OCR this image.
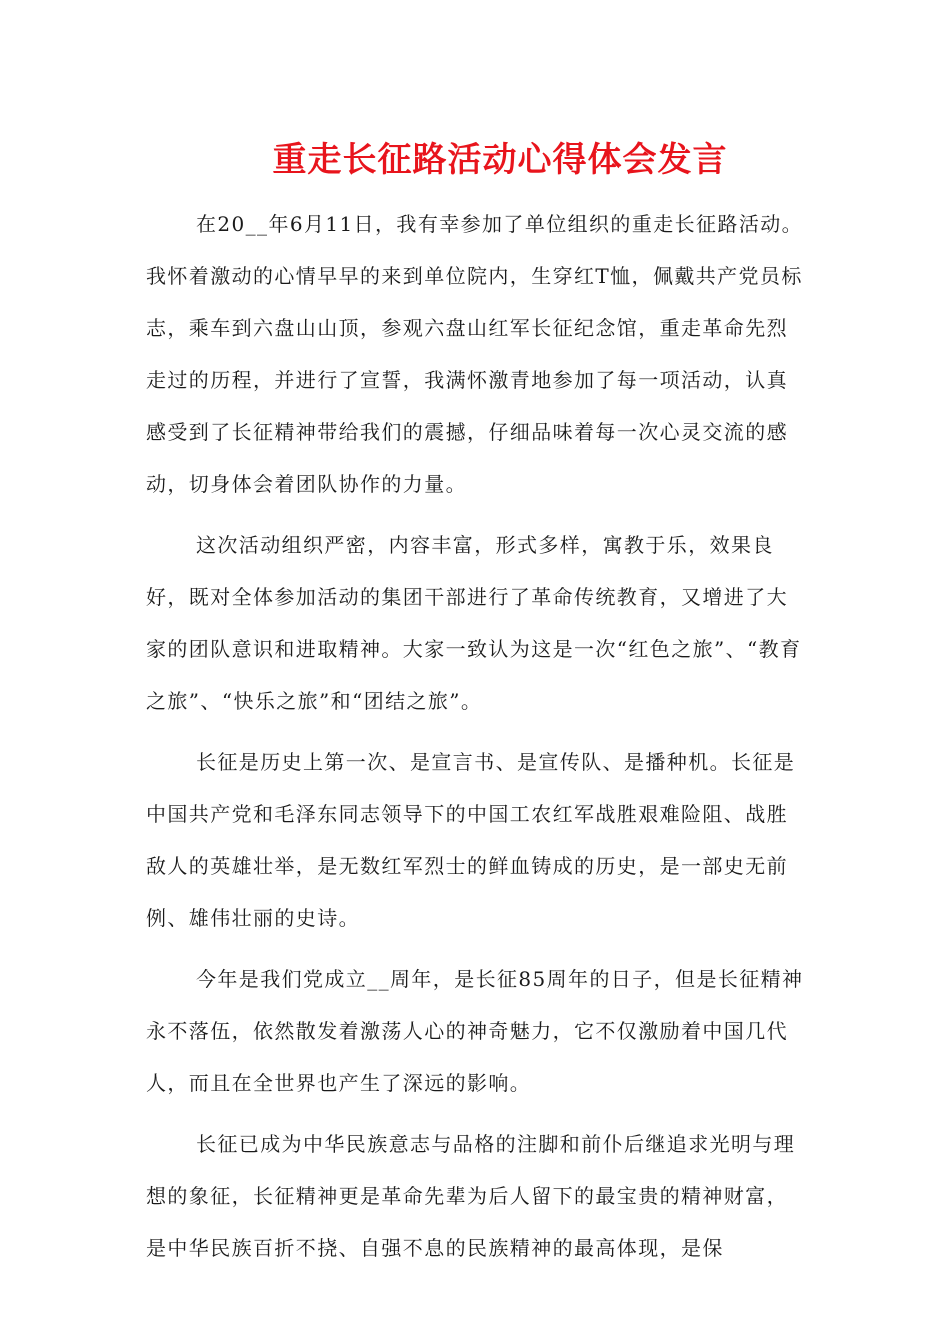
重走长征路活动心得体会发言

在20__年6月11日，我有幸参加了单位组织的重走长征路活动。我怀着激动的心情早早的来到单位院内，生穿红T恤，佩戴共产党员标志，乘车到六盘山山顶，参观六盘山红军长征纪念馆，重走革命先烈走过的历程，并进行了宣誓，我满怀激青地参加了每一项活动，认真感受到了长征精神带给我们的震撼，仔细品味着每一次心灵交流的感动，切身体会着团队协作的力量。

这次活动组织严密，内容丰富，形式多样，寓教于乐，效果良好，既对全体参加活动的集团干部进行了革命传统教育，又增进了大家的团队意识和进取精神。大家一致认为这是一次“红色之旅”、“教育之旅”、“快乐之旅”和“团结之旅”。

长征是历史上第一次、是宣言书、是宣传队、是播种机。长征是中国共产党和毛泽东同志领导下的中国工农红军战胜艰难险阻、战胜敌人的英雄壮举，是无数红军烈士的鲜血铸成的历史，是一部史无前例、雄伟壮丽的史诗。

今年是我们党成立__周年，是长征85周年的日子，但是长征精神永不落伍，依然散发着激荡人心的神奇魅力，它不仅激励着中国几代人，而且在全世界也产生了深远的影响。

长征已成为中华民族意志与品格的注脚和前仆后继追求光明与理想的象征，长征精神更是革命先辈为后人留下的最宝贵的精神财富，是中华民族百折不挠、自强不息的民族精神的最高体现，是保
